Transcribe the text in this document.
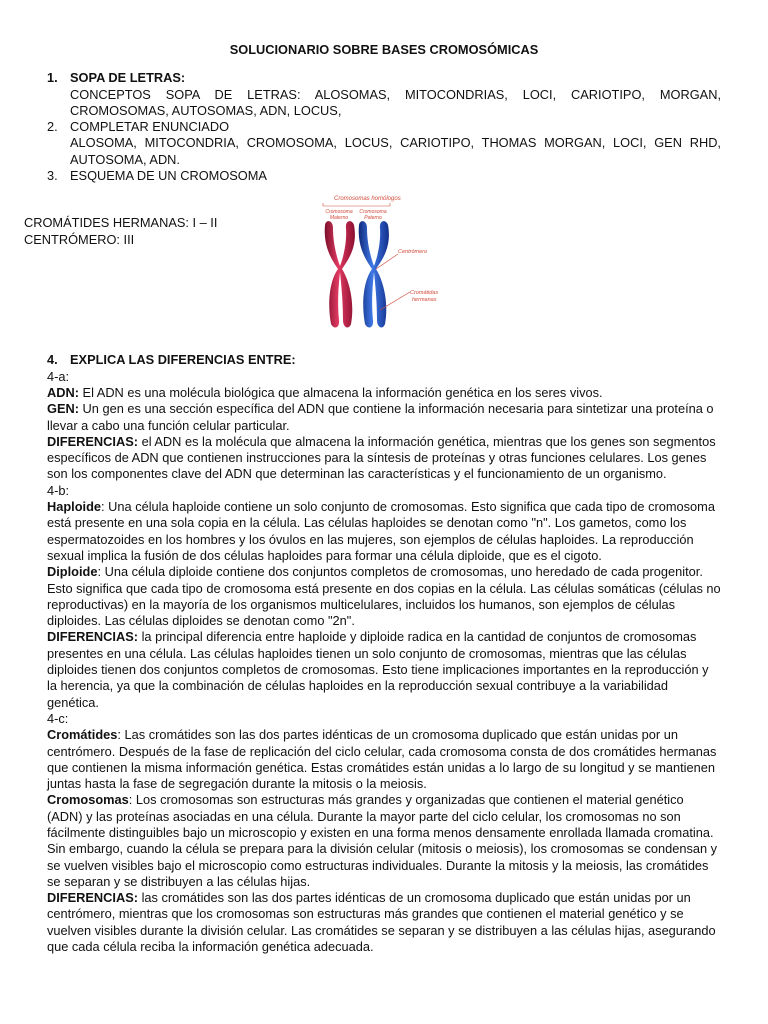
SOLUCIONARIO SOBRE BASES CROMOSÓMICAS

1. SOPA DE LETRAS:

CONCEPTOS SOPA DE LETRAS: ALOSOMAS, MITOCONDRIAS, LOCI, CARIOTIPO, MORGAN, CROMOSOMAS, AUTOSOMAS, ADN, LOCUS,

2. COMPLETAR ENUNCIADO

ALOSOMA, MITOCONDRIA, CROMOSOMA, LOCUS, CARIOTIPO, THOMAS MORGAN, LOCI, GEN RHD, AUTOSOMA, ADN.

3. ESQUEMA DE UN CROMOSOMA

CROMÁTIDES HERMANAS: I – II

CENTRÓMERO: III

Cromosomas homólogos
Cromosoma
Materno
Cromosoma
Paterno
Centrómero
Cromátidas
hermanas

4. EXPLICA LAS DIFERENCIAS ENTRE:

4-a:

ADN: El ADN es una molécula biológica que almacena la información genética en los seres vivos.

GEN: Un gen es una sección específica del ADN que contiene la información necesaria para sintetizar una proteína o llevar a cabo una función celular particular.

DIFERENCIAS: el ADN es la molécula que almacena la información genética, mientras que los genes son segmentos específicos de ADN que contienen instrucciones para la síntesis de proteínas y otras funciones celulares. Los genes son los componentes clave del ADN que determinan las características y el funcionamiento de un organismo.

4-b:

Haploide: Una célula haploide contiene un solo conjunto de cromosomas. Esto significa que cada tipo de cromosoma está presente en una sola copia en la célula. Las células haploides se denotan como "n". Los gametos, como los espermatozoides en los hombres y los óvulos en las mujeres, son ejemplos de células haploides. La reproducción sexual implica la fusión de dos células haploides para formar una célula diploide, que es el cigoto.

Diploide: Una célula diploide contiene dos conjuntos completos de cromosomas, uno heredado de cada progenitor. Esto significa que cada tipo de cromosoma está presente en dos copias en la célula. Las células somáticas (células no reproductivas) en la mayoría de los organismos multicelulares, incluidos los humanos, son ejemplos de células diploides. Las células diploides se denotan como "2n".

DIFERENCIAS: la principal diferencia entre haploide y diploide radica en la cantidad de conjuntos de cromosomas presentes en una célula. Las células haploides tienen un solo conjunto de cromosomas, mientras que las células diploides tienen dos conjuntos completos de cromosomas. Esto tiene implicaciones importantes en la reproducción y la herencia, ya que la combinación de células haploides en la reproducción sexual contribuye a la variabilidad genética.

4-c:

Cromátides: Las cromátides son las dos partes idénticas de un cromosoma duplicado que están unidas por un centrómero. Después de la fase de replicación del ciclo celular, cada cromosoma consta de dos cromátides hermanas que contienen la misma información genética. Estas cromátides están unidas a lo largo de su longitud y se mantienen juntas hasta la fase de segregación durante la mitosis o la meiosis.

Cromosomas: Los cromosomas son estructuras más grandes y organizadas que contienen el material genético (ADN) y las proteínas asociadas en una célula. Durante la mayor parte del ciclo celular, los cromosomas no son fácilmente distinguibles bajo un microscopio y existen en una forma menos densamente enrollada llamada cromatina. Sin embargo, cuando la célula se prepara para la división celular (mitosis o meiosis), los cromosomas se condensan y se vuelven visibles bajo el microscopio como estructuras individuales. Durante la mitosis y la meiosis, las cromátides se separan y se distribuyen a las células hijas.

DIFERENCIAS: las cromátides son las dos partes idénticas de un cromosoma duplicado que están unidas por un centrómero, mientras que los cromosomas son estructuras más grandes que contienen el material genético y se vuelven visibles durante la división celular. Las cromátides se separan y se distribuyen a las células hijas, asegurando que cada célula reciba la información genética adecuada.
